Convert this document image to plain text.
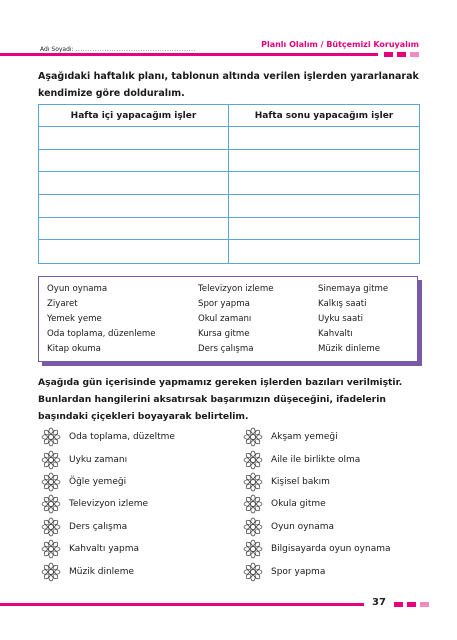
Adı Soyadı: ..................................................
Planlı Olalım / Bütçemizi Koruyalım
Aşağıdaki haftalık planı, tablonun altında verilen işlerden yararlanarak kendimize göre dolduralım.
Hafta içi yapacağım işler	Hafta sonu yapacağım işler
Oyun oynama
Ziyaret
Yemek yeme
Oda toplama, düzenleme
Kitap okuma
Televizyon izleme
Spor yapma
Okul zamanı
Kursa gitme
Ders çalışma
Sinemaya gitme
Kalkış saati
Uyku saati
Kahvaltı
Müzik dinleme
Aşağıda gün içerisinde yapmamız gereken işlerden bazıları verilmiştir. Bunlardan hangilerini aksatırsak başarımızın düşeceğini, ifadelerin başındaki çiçekleri boyayarak belirtelim.
Oda toplama, düzeltme
Uyku zamanı
Öğle yemeği
Televizyon izleme
Ders çalışma
Kahvaltı yapma
Müzik dinleme
Akşam yemeği
Aile ile birlikte olma
Kişisel bakım
Okula gitme
Oyun oynama
Bilgisayarda oyun oynama
Spor yapma
37
